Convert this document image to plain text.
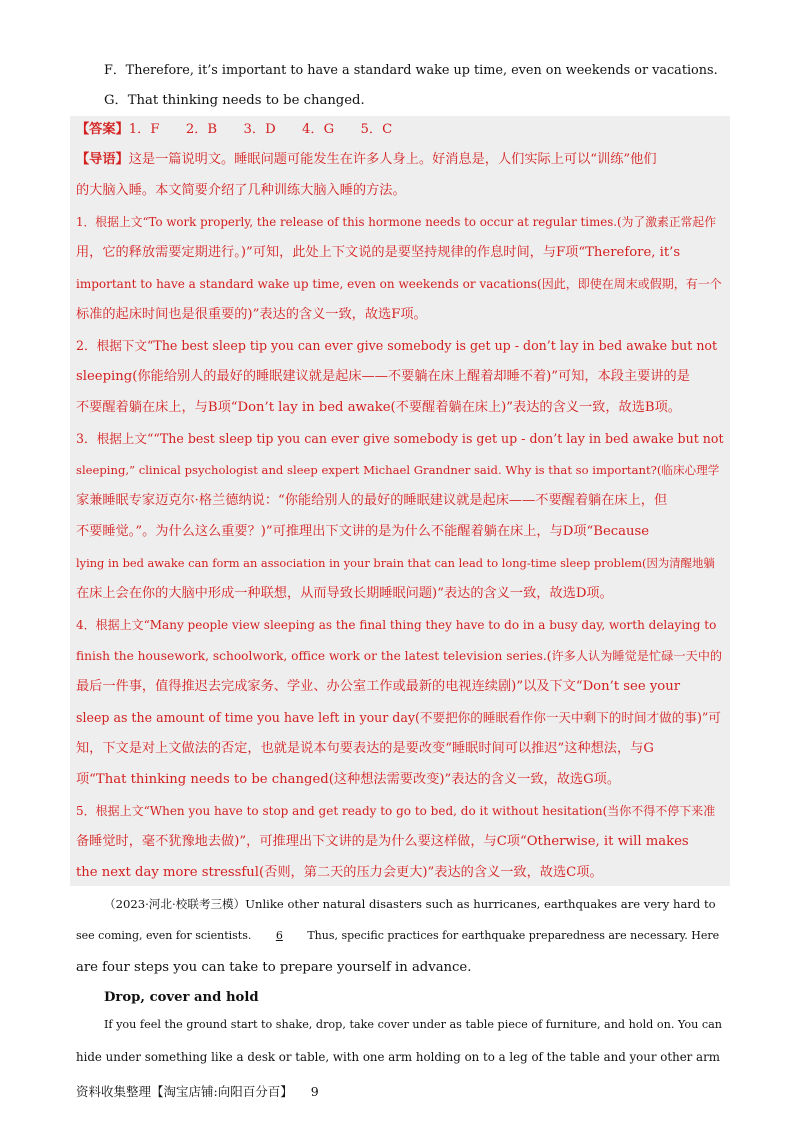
F．Therefore, it’s important to have a standard wake up time, even on weekends or vacations.
G．That thinking needs to be changed.
【答案】1．F　　2．B　　3．D　　4．G　　5．C
【导语】这是一篇说明文。睡眠问题可能发生在许多人身上。好消息是，人们实际上可以“训练”他们
的大脑入睡。本文简要介绍了几种训练大脑入睡的方法。
1．根据上文“To work properly, the release of this hormone needs to occur at regular times.(为了激素正常起作
用，它的释放需要定期进行。)”可知，此处上下文说的是要坚持规律的作息时间，与F项“Therefore, it’s
important to have a standard wake up time, even on weekends or vacations(因此，即使在周末或假期，有一个
标准的起床时间也是很重要的)”表达的含义一致，故选F项。
2．根据下文“The best sleep tip you can ever give somebody is get up - don’t lay in bed awake but not
sleeping(你能给别人的最好的睡眠建议就是起床——不要躺在床上醒着却睡不着)”可知，本段主要讲的是
不要醒着躺在床上，与B项“Don’t lay in bed awake(不要醒着躺在床上)”表达的含义一致，故选B项。
3．根据上文““The best sleep tip you can ever give somebody is get up - don’t lay in bed awake but not
sleeping,” clinical psychologist and sleep expert Michael Grandner said. Why is that so important?(临床心理学
家兼睡眠专家迈克尔·格兰德纳说：“你能给别人的最好的睡眠建议就是起床——不要醒着躺在床上，但
不要睡觉。”。为什么这么重要？)”可推理出下文讲的是为什么不能醒着躺在床上，与D项“Because
lying in bed awake can form an association in your brain that can lead to long-time sleep problem(因为清醒地躺
在床上会在你的大脑中形成一种联想，从而导致长期睡眠问题)”表达的含义一致，故选D项。
4．根据上文“Many people view sleeping as the final thing they have to do in a busy day, worth delaying to
finish the housework, schoolwork, office work or the latest television series.(许多人认为睡觉是忙碌一天中的
最后一件事，值得推迟去完成家务、学业、办公室工作或最新的电视连续剧)”以及下文“Don’t see your
sleep as the amount of time you have left in your day(不要把你的睡眠看作你一天中剩下的时间才做的事)”可
知，下文是对上文做法的否定，也就是说本句要表达的是要改变“睡眠时间可以推迟”这种想法，与G
项“That thinking needs to be changed(这种想法需要改变)”表达的含义一致，故选G项。
5．根据上文“When you have to stop and get ready to go to bed, do it without hesitation(当你不得不停下来准
备睡觉时，毫不犹豫地去做)”，可推理出下文讲的是为什么要这样做，与C项“Otherwise, it will makes
the next day more stressful(否则，第二天的压力会更大)”表达的含义一致，故选C项。
（2023·河北·校联考三模）Unlike other natural disasters such as hurricanes, earthquakes are very hard to
see coming, even for scientists. 6 Thus, specific practices for earthquake preparedness are necessary. Here
are four steps you can take to prepare yourself in advance.
Drop, cover and hold
If you feel the ground start to shake, drop, take cover under as table piece of furniture, and hold on. You can
hide under something like a desk or table, with one arm holding on to a leg of the table and your other arm
资料收集整理【淘宝店铺:向阳百分百】 9
